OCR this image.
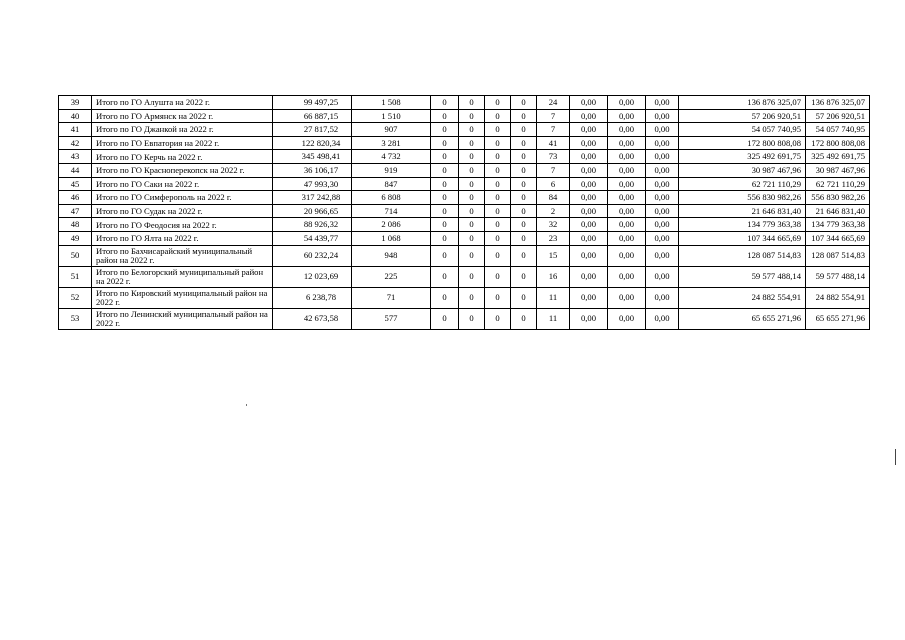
39	Итого по ГО Алушта на 2022 г.	99 497,25	1 508	0	0	0	0	24	0,00	0,00	0,00	136 876 325,07	136 876 325,07
40	Итого по ГО Армянск на 2022 г.	66 887,15	1 510	0	0	0	0	7	0,00	0,00	0,00	57 206 920,51	57 206 920,51
41	Итого по ГО Джанкой на 2022 г.	27 817,52	907	0	0	0	0	7	0,00	0,00	0,00	54 057 740,95	54 057 740,95
42	Итого по ГО Евпатория на 2022 г.	122 820,34	3 281	0	0	0	0	41	0,00	0,00	0,00	172 800 808,08	172 800 808,08
43	Итого по ГО Керчь на 2022 г.	345 498,41	4 732	0	0	0	0	73	0,00	0,00	0,00	325 492 691,75	325 492 691,75
44	Итого по ГО Красноперекопск на 2022 г.	36 106,17	919	0	0	0	0	7	0,00	0,00	0,00	30 987 467,96	30 987 467,96
45	Итого по ГО Саки на 2022 г.	47 993,30	847	0	0	0	0	6	0,00	0,00	0,00	62 721 110,29	62 721 110,29
46	Итого по ГО Симферополь на 2022 г.	317 242,88	6 808	0	0	0	0	84	0,00	0,00	0,00	556 830 982,26	556 830 982,26
47	Итого по ГО Судак на 2022 г.	20 966,65	714	0	0	0	0	2	0,00	0,00	0,00	21 646 831,40	21 646 831,40
48	Итого по ГО Феодосия на 2022 г.	88 926,32	2 086	0	0	0	0	32	0,00	0,00	0,00	134 779 363,38	134 779 363,38
49	Итого по ГО Ялта на 2022 г.	54 439,77	1 068	0	0	0	0	23	0,00	0,00	0,00	107 344 665,69	107 344 665,69
50	Итого по Бахчисарайский муниципальный район на 2022 г.	60 232,24	948	0	0	0	0	15	0,00	0,00	0,00	128 087 514,83	128 087 514,83
51	Итого по Белогорский муниципальный район на 2022 г.	12 023,69	225	0	0	0	0	16	0,00	0,00	0,00	59 577 488,14	59 577 488,14
52	Итого по Кировский муниципальный район на 2022 г.	6 238,78	71	0	0	0	0	11	0,00	0,00	0,00	24 882 554,91	24 882 554,91
53	Итого по Ленинский муниципальный район на 2022 г.	42 673,58	577	0	0	0	0	11	0,00	0,00	0,00	65 655 271,96	65 655 271,96
